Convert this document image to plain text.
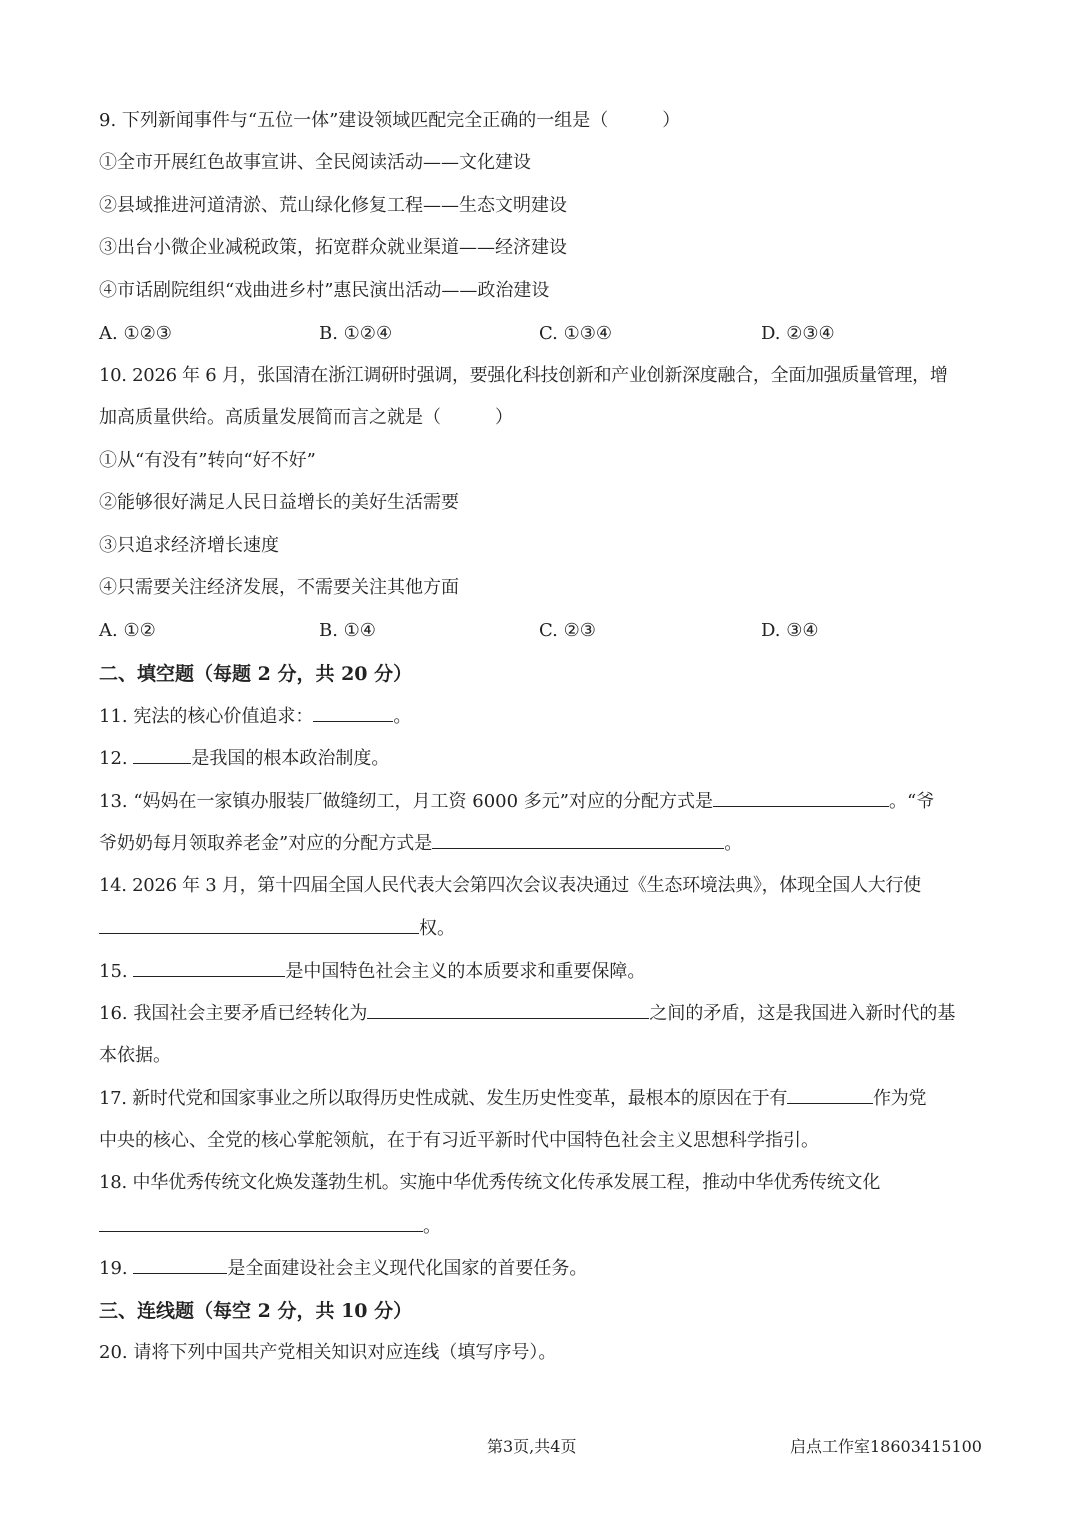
9. 下列新闻事件与“五位一体”建设领域匹配完全正确的一组是（　　　）
①全市开展红色故事宣讲、全民阅读活动——文化建设
②县域推进河道清淤、荒山绿化修复工程——生态文明建设
③出台小微企业减税政策，拓宽群众就业渠道——经济建设
④市话剧院组织“戏曲进乡村”惠民演出活动——政治建设
A. ①②③	B. ①②④	C. ①③④	D. ②③④
10. 2026 年 6 月，张国清在浙江调研时强调，要强化科技创新和产业创新深度融合，全面加强质量管理，增
加高质量供给。高质量发展简而言之就是（　　　）
①从“有没有”转向“好不好”
②能够很好满足人民日益增长的美好生活需要
③只追求经济增长速度
④只需要关注经济发展，不需要关注其他方面
A. ①②	B. ①④	C. ②③	D. ③④
二、填空题（每题 2 分，共 20 分）
11. 宪法的核心价值追求：	。
12.	是我国的根本政治制度。
13. “妈妈在一家镇办服装厂做缝纫工，月工资 6000 多元”对应的分配方式是	。“爷
爷奶奶每月领取养老金”对应的分配方式是	。
14. 2026 年 3 月，第十四届全国人民代表大会第四次会议表决通过《生态环境法典》，体现全国人大行使
权。
15.	是中国特色社会主义的本质要求和重要保障。
16. 我国社会主要矛盾已经转化为	之间的矛盾，这是我国进入新时代的基
本依据。
17. 新时代党和国家事业之所以取得历史性成就、发生历史性变革，最根本的原因在于有	作为党
中央的核心、全党的核心掌舵领航，在于有习近平新时代中国特色社会主义思想科学指引。
18. 中华优秀传统文化焕发蓬勃生机。实施中华优秀传统文化传承发展工程，推动中华优秀传统文化
。
19.	是全面建设社会主义现代化国家的首要任务。
三、连线题（每空 2 分，共 10 分）
20. 请将下列中国共产党相关知识对应连线（填写序号）。
第3页,共4页	启点工作室18603415100
